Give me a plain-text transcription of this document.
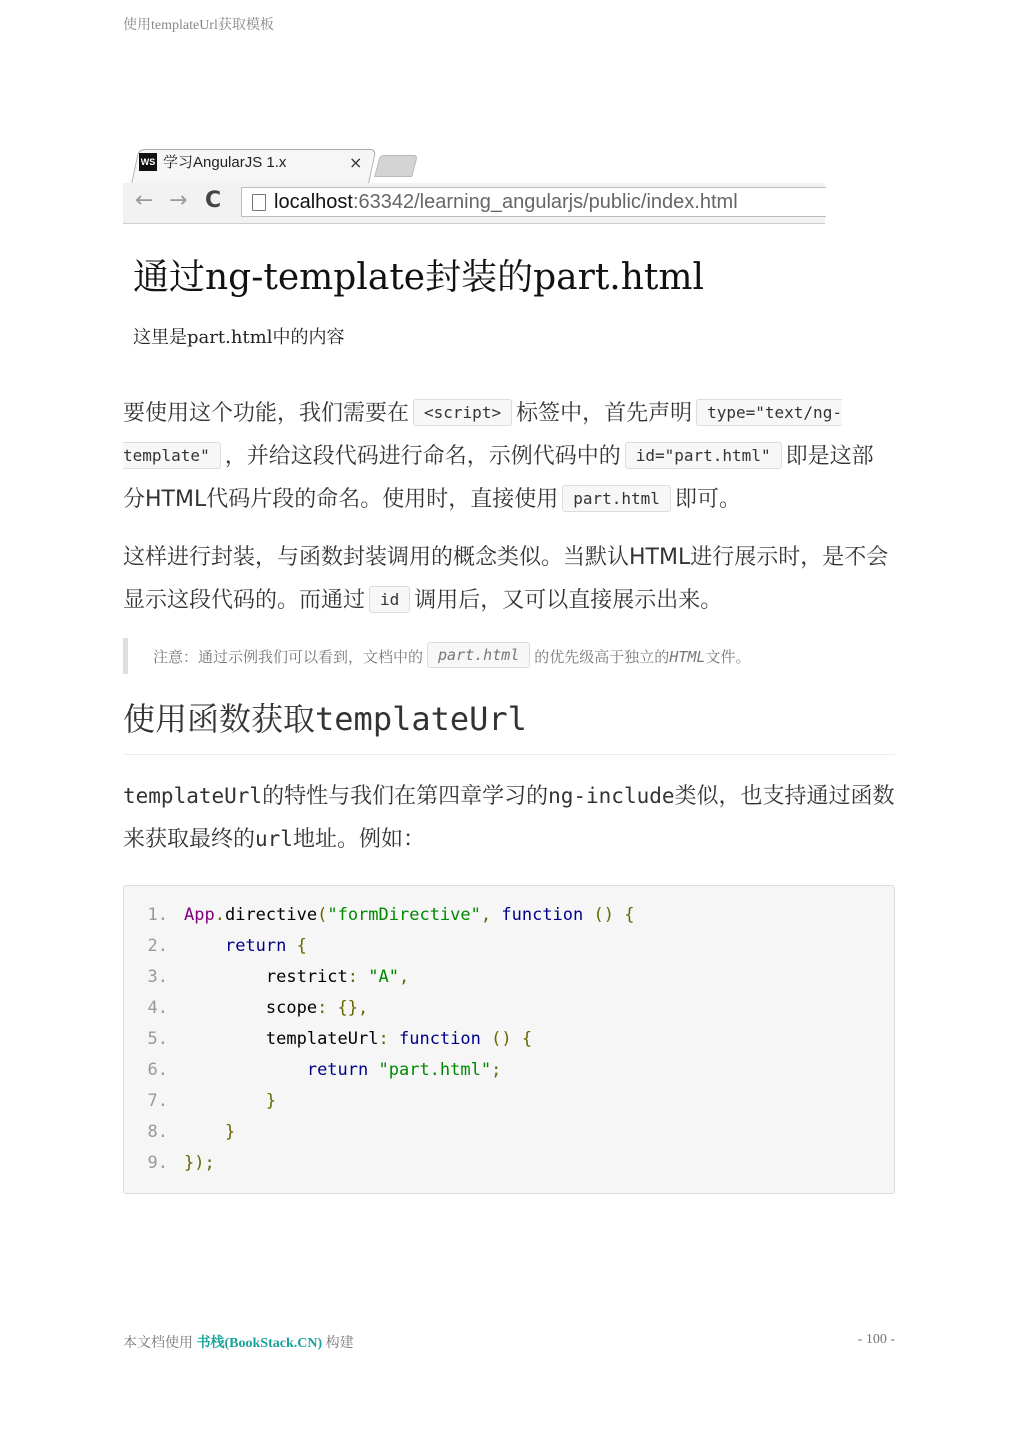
使用templateUrl获取模板
WS 学习AngularJS 1.x	×
← → C	localhost :63342/learning_angularjs/public/index.html
通过ng-template封装的part.html

这里是part.html中的内容

要使用这个功能，我们需要在 <script> 标签中，首先声明 type="text/ng-template" ，并给这段代码进行命名，示例代码中的 id="part.html" 即是这部分HTML代码片段的命名。使用时，直接使用 part.html 即可。

这样进行封装，与函数封装调用的概念类似。当默认HTML进行展示时，是不会显示这段代码的。而通过 id 调用后，又可以直接展示出来。

注意：通过示例我们可以看到，文档中的 part.html 的优先级高于独立的HTML文件。
使用函数获取templateUrl

templateUrl的特性与我们在第四章学习的ng-include类似，也支持通过函数来获取最终的url地址。例如：

1. App.directive("formDirective", function () {
2.	return {
3.	restrict: "A",
4.	scope: {},
5.	templateUrl: function () {
6.	return "part.html";
7.	}
8.	}
9. });
本文档使用 书栈(BookStack.CN) 构建	- 100 -
